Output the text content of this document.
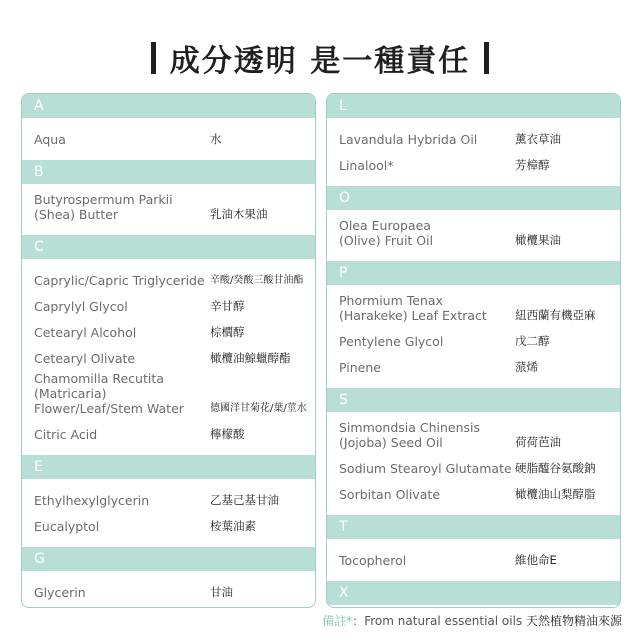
成分透明 是一種責任
A
Aqua	水
B
Butyrospermum Parkii
(Shea) Butter	乳油木果油
C
Caprylic/Capric Triglyceride 辛酸/癸酸三酸甘油酯
Caprylyl Glycol	辛甘醇
Cetearyl Alcohol	棕櫚醇
Cetearyl Olivate	橄欖油鯨蠟醇酯
Chamomilla Recutita (Matricaria)
Flower/Leaf/Stem Water	德國洋甘菊花/葉/莖水
Citric Acid	檸檬酸
E
Ethylhexylglycerin	乙基己基甘油
Eucalyptol	桉葉油素
G
Glycerin	甘油
L
Lavandula Hybrida Oil	薰衣草油
Linalool*	芳樟醇
O
Olea Europaea
(Olive) Fruit Oil	橄欖果油
P
Phormium Tenax
(Harakeke) Leaf Extract	紐西蘭有機亞麻
Pentylene Glycol	戊二醇
Pinene	蒎烯
S
Simmondsia Chinensis
(Jojoba) Seed Oil	荷荷芭油
Sodium Stearoyl Glutamate 硬脂醯谷氨酸鈉
Sorbitan Olivate	橄欖油山梨醇脂
T
Tocopherol	維他命E
X
備註*：From natural essential oils 天然植物精油來源
